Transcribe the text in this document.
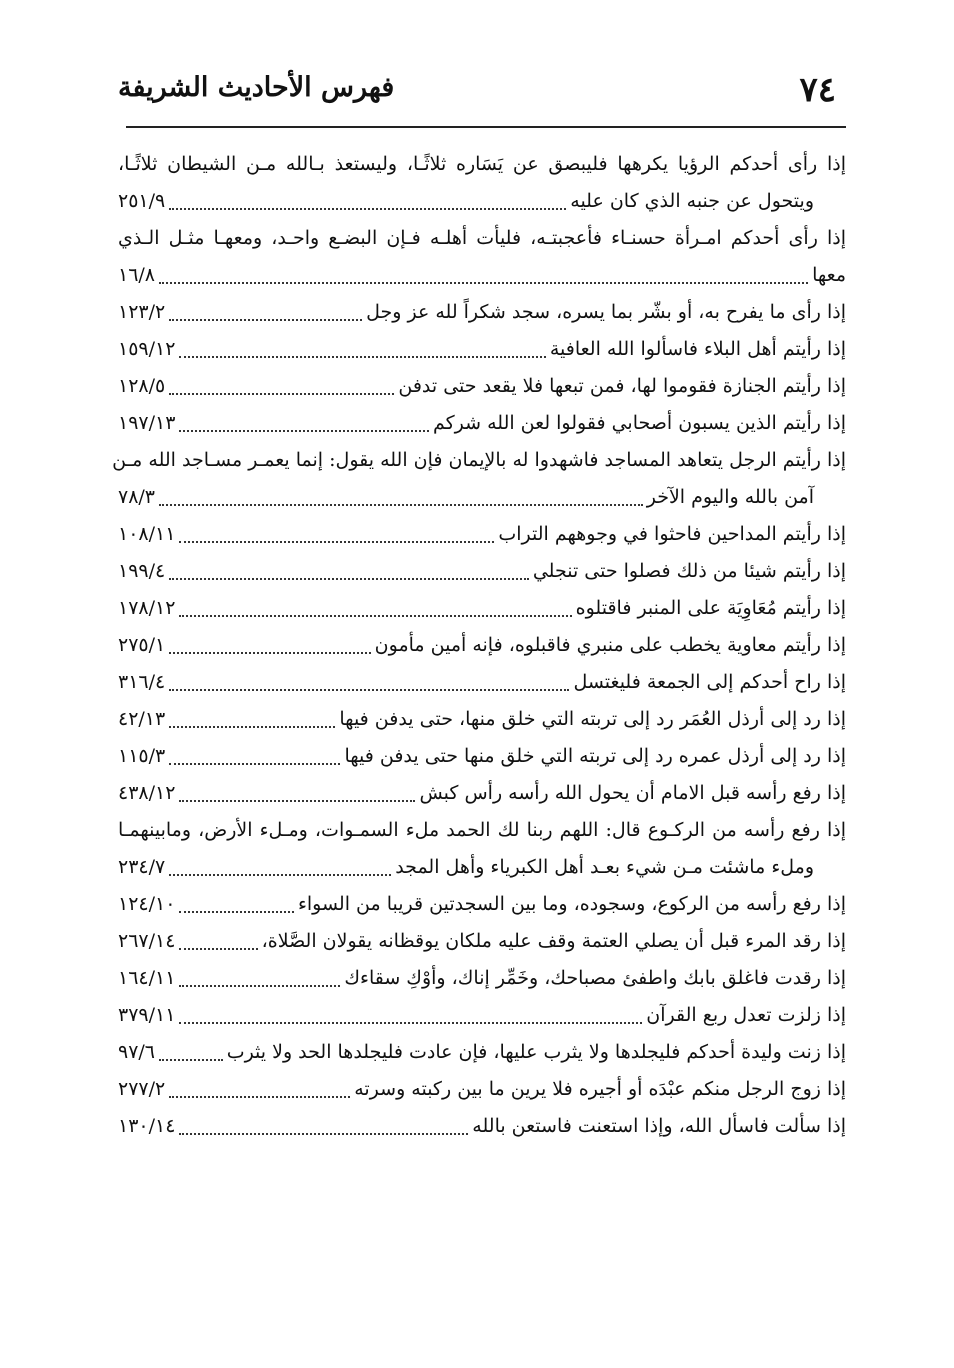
٧٤
فهرس الأحاديث الشريفة
إذا رأى أحدكم الرؤيا يكرهها فليبصق عن يَسَاره ثلاثًـا، وليستعذ بـالله مـن الشيطان ثلاثًـا،
ويتحول عن جنبه الذي كان عليه
٢٥١/٩
إذا رأى أحدكم امـرأة حسنـاء فأعجبتـه، فليأت أهلـه فـإن البضـع واحـد، ومعهـا مثـل الـذي
معها
١٦/٨
إذا رأى ما يفرح به، أو بشّر بما يسره، سجد شكراً لله عز وجل
١٢٣/٢
إذا رأيتم أهل البلاء فاسألوا الله العافية
١٥٩/١٢
إذا رأيتم الجنازة فقوموا لها، فمن تبعها فلا يقعد حتى تدفن
١٢٨/٥
إذا رأيتم الذين يسبون أصحابي فقولوا لعن الله شركم
١٩٧/١٣
إذا رأيتم الرجل يتعاهد المساجد فاشهدوا له بالإيمان فإن الله يقول: إنما يعمـر مسـاجد الله مـن
آمن بالله واليوم الآخر
٧٨/٣
إذا رأيتم المداحين فاحثوا في وجوههم التراب
١٠٨/١١
إذا رأيتم شيئا من ذلك فصلوا حتى تنجلي
١٩٩/٤
إذا رأيتم مُعَاوِيَة على المنبر فاقتلوه
١٧٨/١٢
إذا رأيتم معاوية يخطب على منبري فاقبلوه، فإنه أمين مأمون
٢٧٥/١
إذا راح أحدكم إلى الجمعة فليغتسل
٣١٦/٤
إذا رد إلى أرذل العُمَر رد إلى تربته التي خلق منها، حتى يدفن فيها
٤٢/١٣
إذا رد إلى أرذل عمره رد إلى تربته التي خلق منها حتى يدفن فيها
١١٥/٣
إذا رفع رأسه قبل الامام أن يحول الله رأسه رأس كبش
٤٣٨/١٢
إذا رفع رأسه من الركـوع قال: اللهم ربنا لك الحمد ملء السمـوات، ومـلء الأرض، ومابينهمـا
وملء ماشئت مـن شيء بعـد أهل الكبرياء وأهل المجد
٢٣٤/٧
إذا رفع رأسه من الركوع، وسجوده، وما بين السجدتين قريبا من السواء
١٢٤/١٠
إذا رقد المرء قبل أن يصلي العتمة وقف عليه ملكان يوقظانه يقولان الصَّلاة،
٢٦٧/١٤
إذا رقدت فاغلق بابك واطفئ مصباحك، وخَمِّر إناك، وأوْكِ سقاءك
١٦٤/١١
إذا زلزت تعدل ربع القرآن
٣٧٩/١١
إذا زنت وليدة أحدكم فليجلدها ولا يثرب عليها، فإن عادت فليجلدها الحد ولا يثرب
٩٧/٦
إذا زوج الرجل منكم عبْدَه أو أجيره فلا يرين ما بين ركبته وسرته
٢٧٧/٢
إذا سألت فاسأل الله، وإذا استعنت فاستعن بالله
١٣٠/١٤
